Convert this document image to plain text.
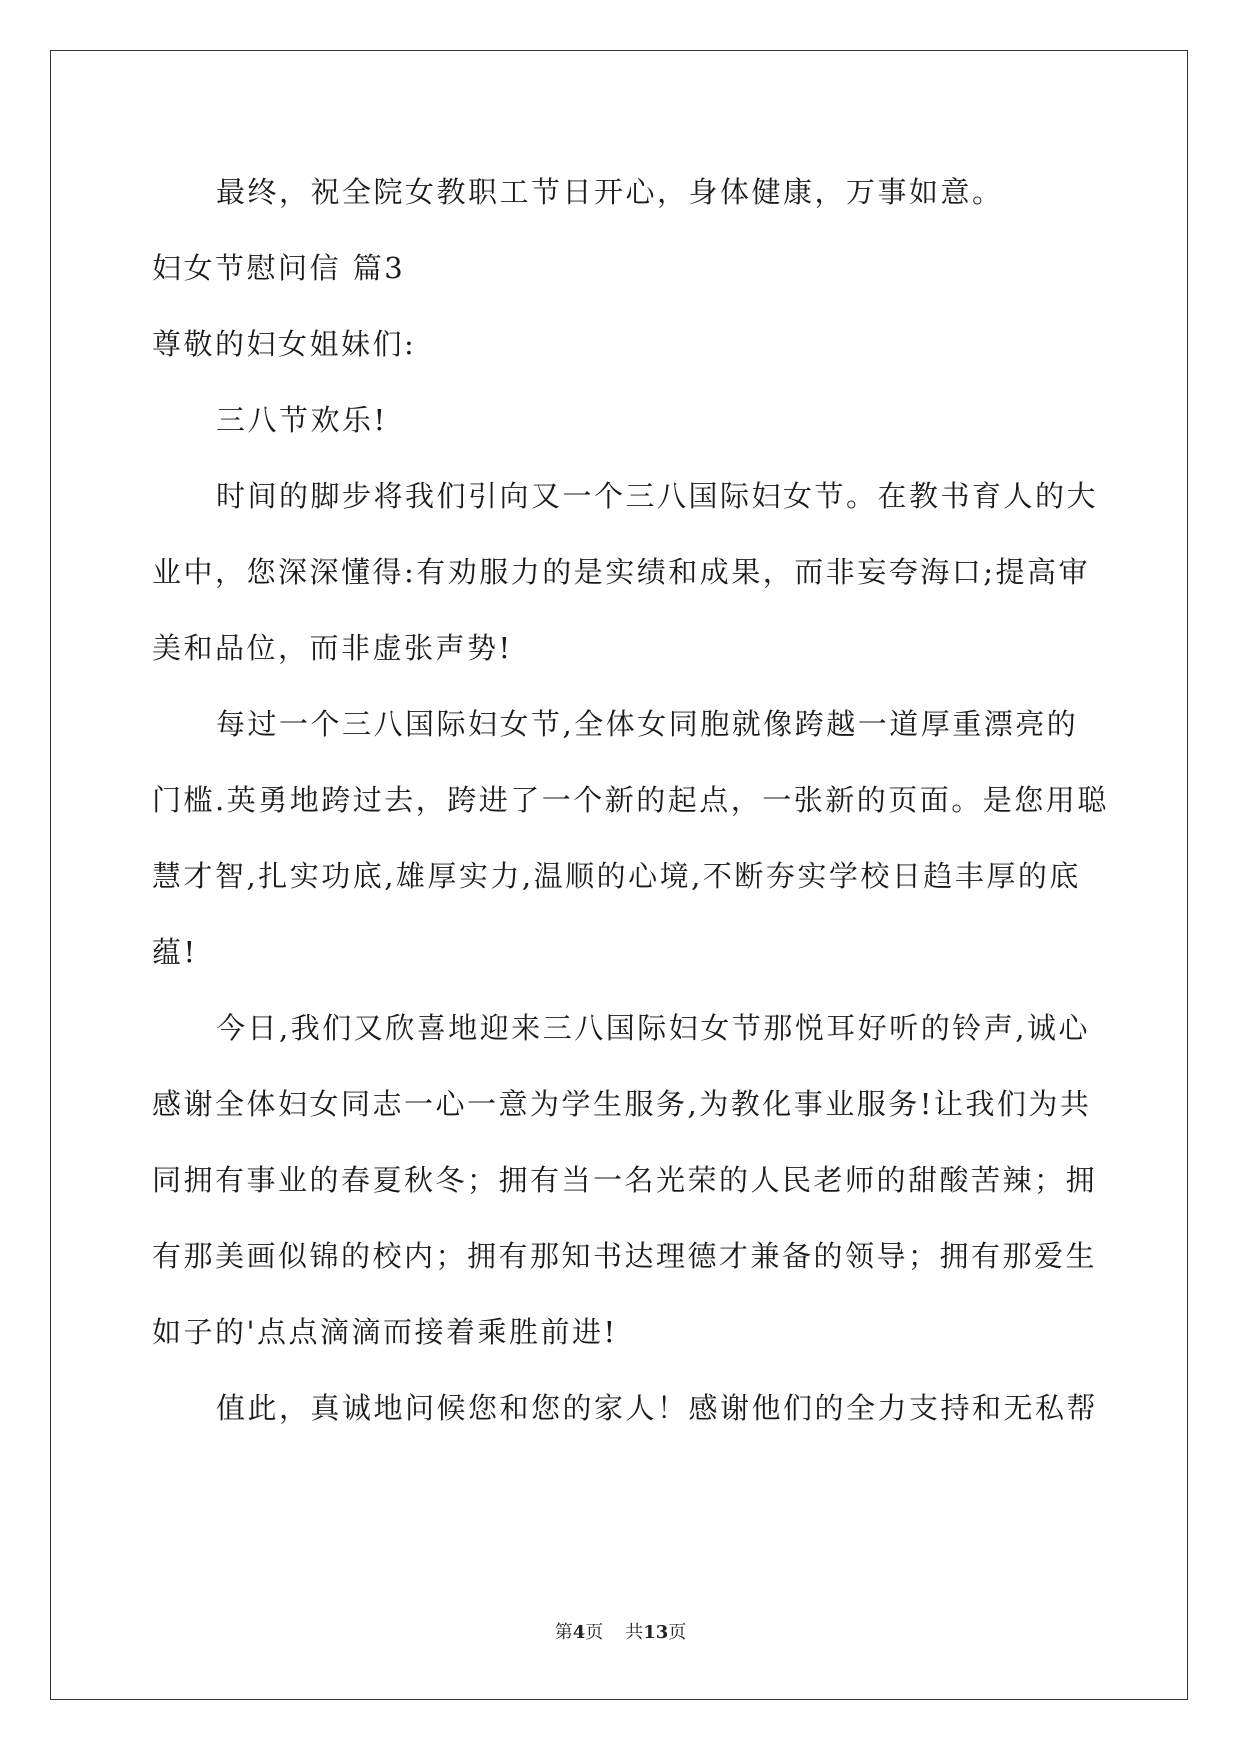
最终，祝全院女教职工节日开心，身体健康，万事如意。
妇女节慰问信 篇3
尊敬的妇女姐妹们:
三八节欢乐!
时间的脚步将我们引向又一个三八国际妇女节。在教书育人的大
业中，您深深懂得:有劝服力的是实绩和成果，而非妄夸海口;提高审
美和品位，而非虚张声势!
每过一个三八国际妇女节,全体女同胞就像跨越一道厚重漂亮的
门槛.英勇地跨过去，跨进了一个新的起点，一张新的页面。是您用聪
慧才智,扎实功底,雄厚实力,温顺的心境,不断夯实学校日趋丰厚的底
蕴!
今日,我们又欣喜地迎来三八国际妇女节那悦耳好听的铃声,诚心
感谢全体妇女同志一心一意为学生服务,为教化事业服务!让我们为共
同拥有事业的春夏秋冬；拥有当一名光荣的人民老师的甜酸苦辣；拥
有那美画似锦的校内；拥有那知书达理德才兼备的领导；拥有那爱生
如子的'点点滴滴而接着乘胜前进!
值此，真诚地问候您和您的家人！感谢他们的全力支持和无私帮
第4页 共13页
